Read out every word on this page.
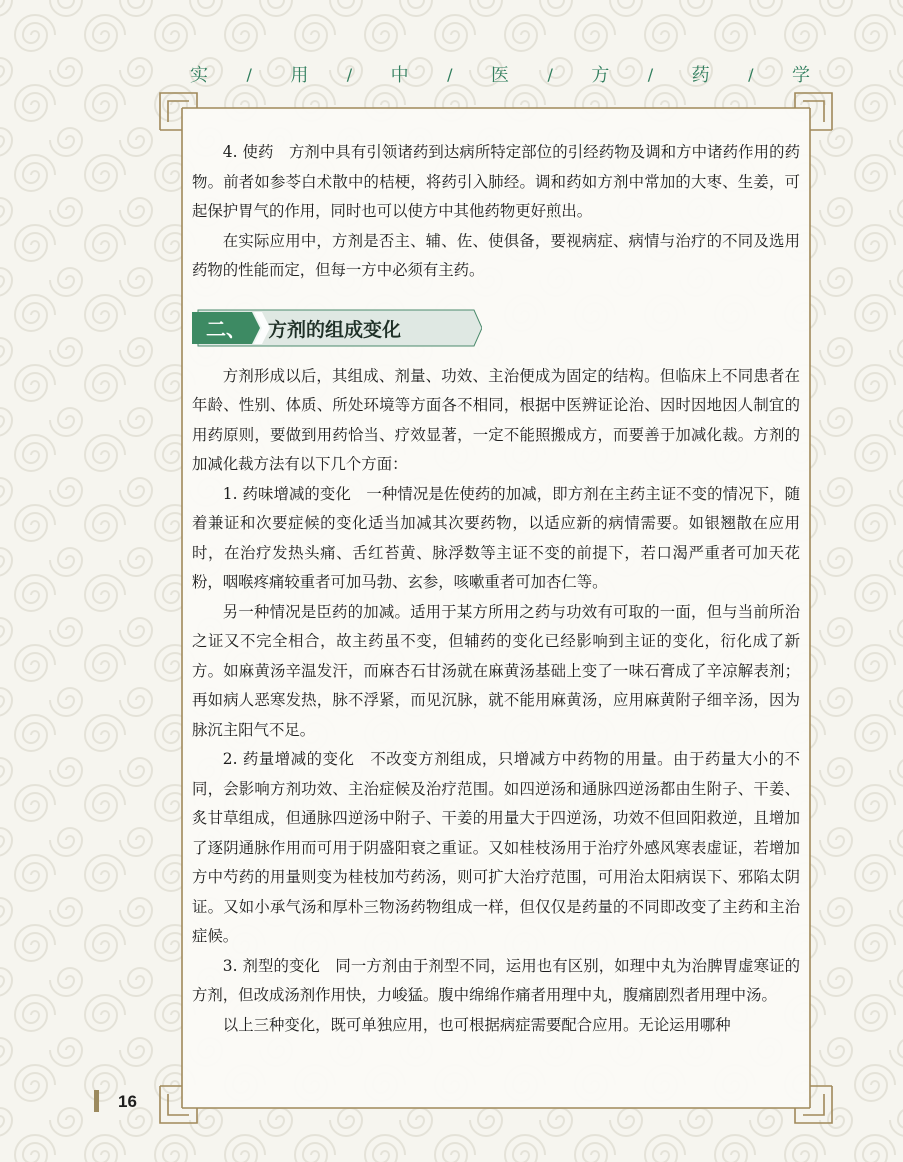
实 / 用 / 中 / 医 / 方 / 药 / 学

4. 使药　方剂中具有引领诸药到达病所特定部位的引经药物及调和方中诸药作用的药物。前者如参苓白术散中的桔梗，将药引入肺经。调和药如方剂中常加的大枣、生姜，可起保护胃气的作用，同时也可以使方中其他药物更好煎出。

在实际应用中，方剂是否主、辅、佐、使俱备，要视病症、病情与治疗的不同及选用药物的性能而定，但每一方中必须有主药。

二、 方剂的组成变化

方剂形成以后，其组成、剂量、功效、主治便成为固定的结构。但临床上不同患者在年龄、性别、体质、所处环境等方面各不相同，根据中医辨证论治、因时因地因人制宜的用药原则，要做到用药恰当、疗效显著，一定不能照搬成方，而要善于加减化裁。方剂的加减化裁方法有以下几个方面：

1. 药味增减的变化　一种情况是佐使药的加减，即方剂在主药主证不变的情况下，随着兼证和次要症候的变化适当加减其次要药物，以适应新的病情需要。如银翘散在应用时，在治疗发热头痛、舌红苔黄、脉浮数等主证不变的前提下，若口渴严重者可加天花粉，咽喉疼痛较重者可加马勃、玄参，咳嗽重者可加杏仁等。

另一种情况是臣药的加减。适用于某方所用之药与功效有可取的一面，但与当前所治之证又不完全相合，故主药虽不变，但辅药的变化已经影响到主证的变化，衍化成了新方。如麻黄汤辛温发汗，而麻杏石甘汤就在麻黄汤基础上变了一味石膏成了辛凉解表剂；再如病人恶寒发热，脉不浮紧，而见沉脉，就不能用麻黄汤，应用麻黄附子细辛汤，因为脉沉主阳气不足。

2. 药量增减的变化　不改变方剂组成，只增减方中药物的用量。由于药量大小的不同，会影响方剂功效、主治症候及治疗范围。如四逆汤和通脉四逆汤都由生附子、干姜、炙甘草组成，但通脉四逆汤中附子、干姜的用量大于四逆汤，功效不但回阳救逆，且增加了逐阴通脉作用而可用于阴盛阳衰之重证。又如桂枝汤用于治疗外感风寒表虚证，若增加方中芍药的用量则变为桂枝加芍药汤，则可扩大治疗范围，可用治太阳病误下、邪陷太阴证。又如小承气汤和厚朴三物汤药物组成一样，但仅仅是药量的不同即改变了主药和主治症候。

3. 剂型的变化　同一方剂由于剂型不同，运用也有区别，如理中丸为治脾胃虚寒证的方剂，但改成汤剂作用快，力峻猛。腹中绵绵作痛者用理中丸，腹痛剧烈者用理中汤。

以上三种变化，既可单独应用，也可根据病症需要配合应用。无论运用哪种

16
